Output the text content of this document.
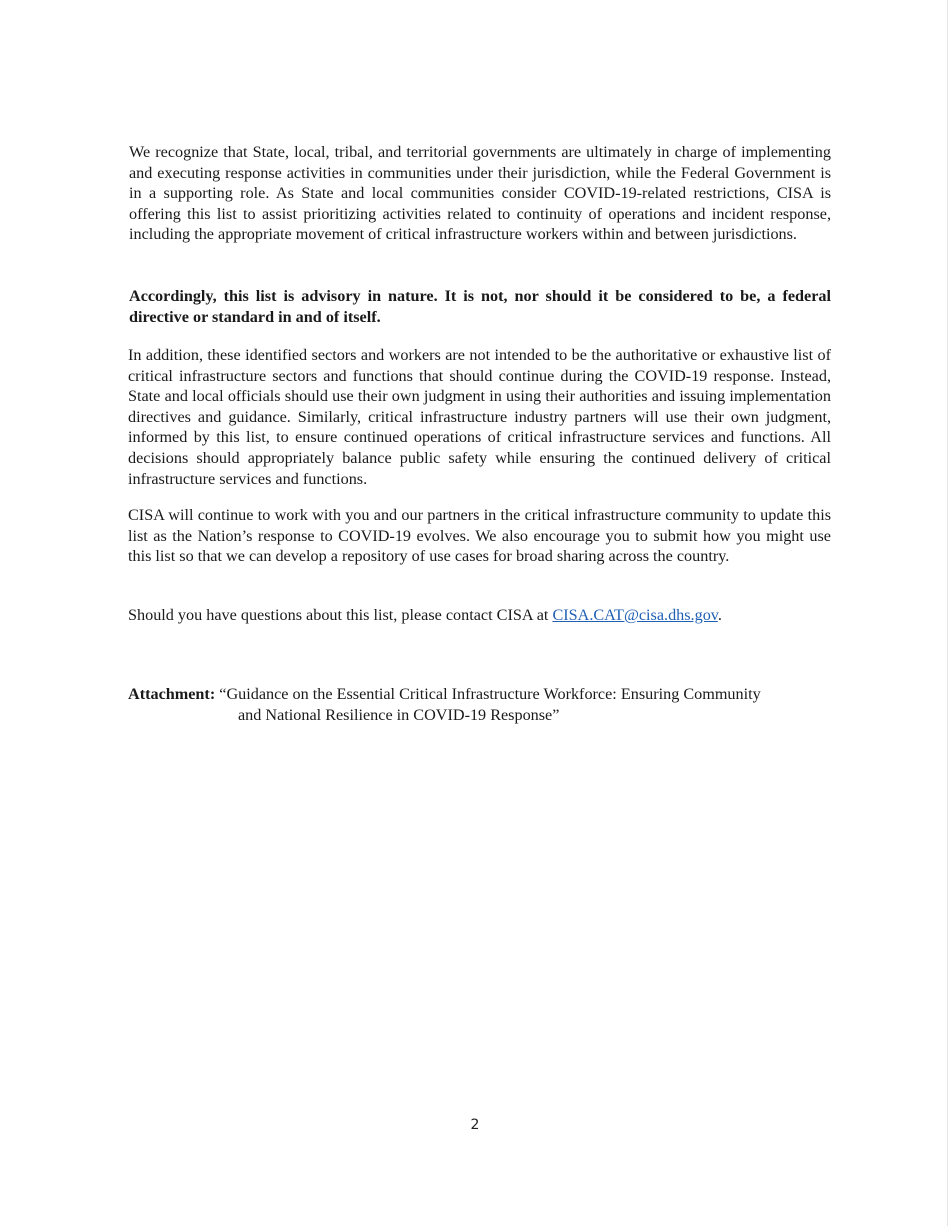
We recognize that State, local, tribal, and territorial governments are ultimately in charge of implementing and executing response activities in communities under their jurisdiction, while the Federal Government is in a supporting role. As State and local communities consider COVID-19-related restrictions, CISA is offering this list to assist prioritizing activities related to continuity of operations and incident response, including the appropriate movement of critical infrastructure workers within and between jurisdictions.

Accordingly, this list is advisory in nature. It is not, nor should it be considered to be, a federal directive or standard in and of itself.

In addition, these identified sectors and workers are not intended to be the authoritative or exhaustive list of critical infrastructure sectors and functions that should continue during the COVID-19 response. Instead, State and local officials should use their own judgment in using their authorities and issuing implementation directives and guidance. Similarly, critical infrastructure industry partners will use their own judgment, informed by this list, to ensure continued operations of critical infrastructure services and functions. All decisions should appropriately balance public safety while ensuring the continued delivery of critical infrastructure services and functions.

CISA will continue to work with you and our partners in the critical infrastructure community to update this list as the Nation’s response to COVID-19 evolves. We also encourage you to submit how you might use this list so that we can develop a repository of use cases for broad sharing across the country.

Should you have questions about this list, please contact CISA at CISA.CAT@cisa.dhs.gov.

Attachment: “Guidance on the Essential Critical Infrastructure Workforce: Ensuring Community
and National Resilience in COVID-19 Response”
2
